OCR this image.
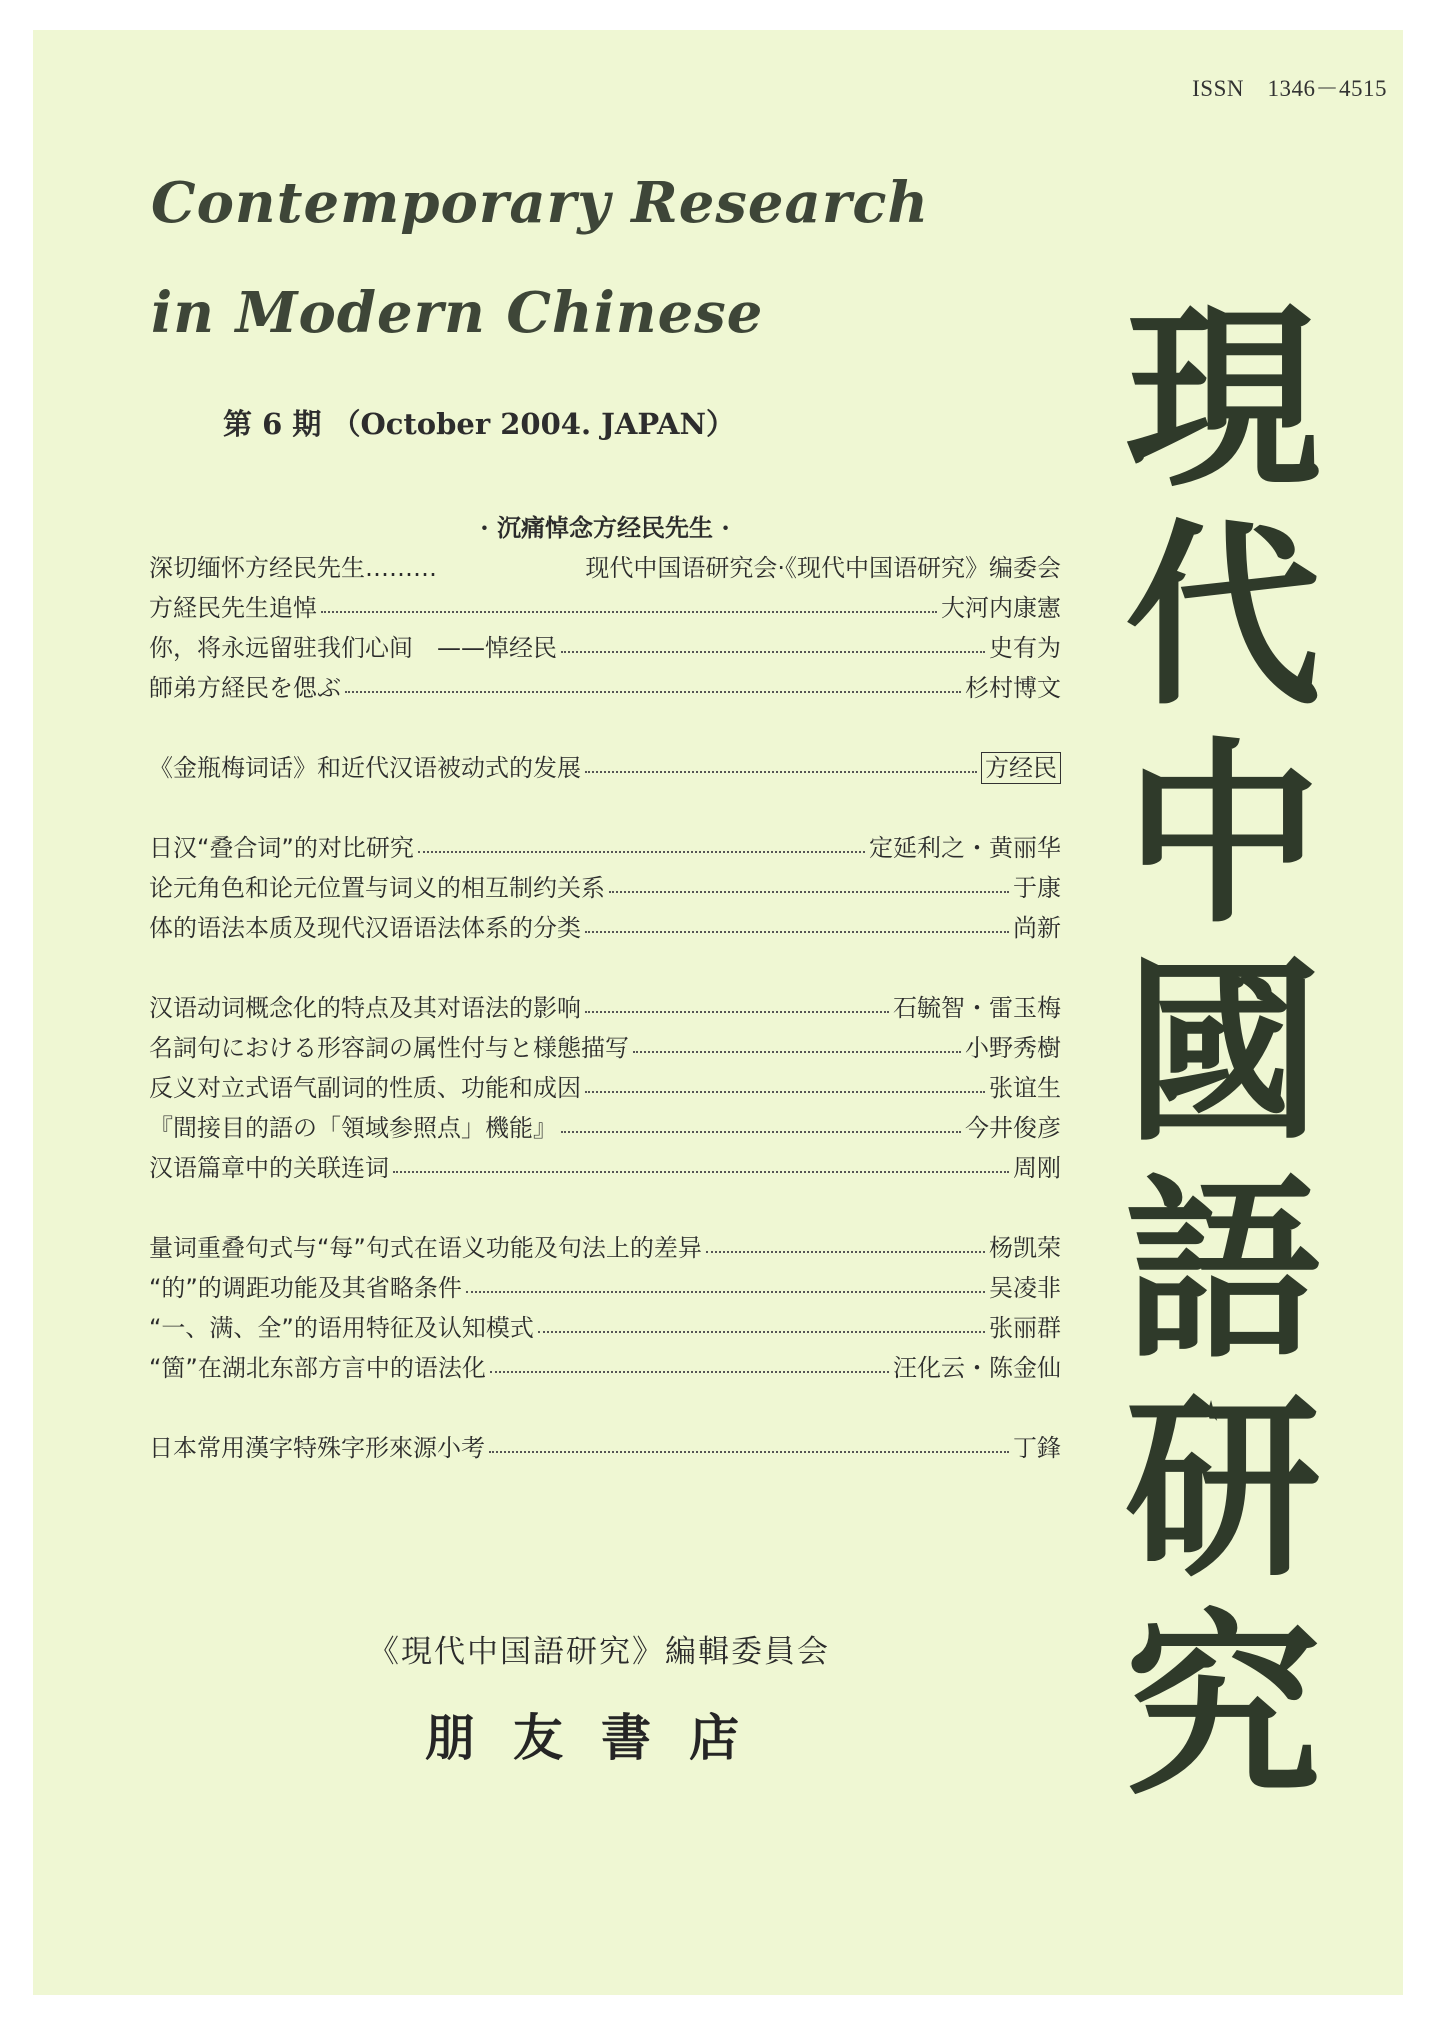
ISSN　1346－4515
Contemporary Research
in Modern Chinese
第 6 期 （October 2004. JAPAN）
· 沉痛悼念方经民先生 ·
深切缅怀方经民先生………	现代中国语研究会·《现代中国语研究》编委会
方経民先生追悼	大河内康憲
你，将永远留驻我们心间　——悼经民	史有为
師弟方経民を偲ぶ	杉村博文
《金瓶梅词话》和近代汉语被动式的发展	方经民
日汉“叠合词”的对比研究	定延利之・黄丽华
论元角色和论元位置与词义的相互制约关系	于康
体的语法本质及现代汉语语法体系的分类	尚新
汉语动词概念化的特点及其对语法的影响	石毓智・雷玉梅
名詞句における形容詞の属性付与と様態描写	小野秀樹
反义对立式语气副词的性质、功能和成因	张谊生
『間接目的語の「領域参照点」機能』	今井俊彦
汉语篇章中的关联连词	周刚
量词重叠句式与“每”句式在语义功能及句法上的差异	杨凯荣
“的”的调距功能及其省略条件	吴凌非
“一、满、全”的语用特征及认知模式	张丽群
“箇”在湖北东部方言中的语法化	汪化云・陈金仙
日本常用漢字特殊字形來源小考	丁鋒
現
代
中
國
語
研
究
《現代中国語研究》編輯委員会
朋友書店
